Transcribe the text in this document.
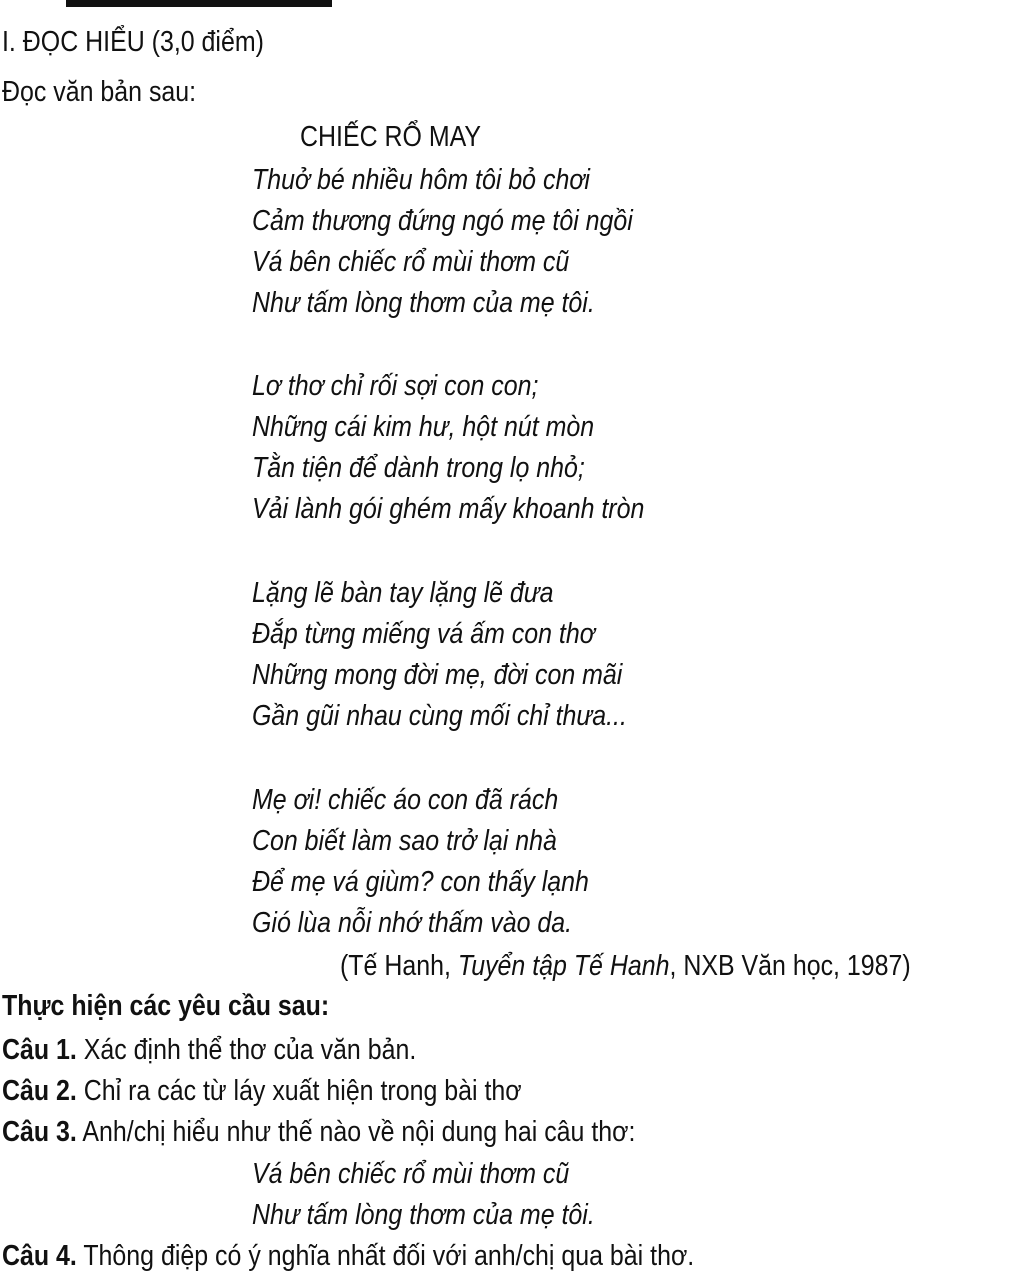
I. ĐỌC HIỂU (3,0 điểm)
Đọc văn bản sau:
CHIẾC RỔ MAY
Thuở bé nhiều hôm tôi bỏ chơi
Cảm thương đứng ngó mẹ tôi ngồi
Vá bên chiếc rổ mùi thơm cũ
Như tấm lòng thơm của mẹ tôi.
Lơ thơ chỉ rối sợi con con;
Những cái kim hư, hột nút mòn
Tằn tiện để dành trong lọ nhỏ;
Vải lành gói ghém mấy khoanh tròn
Lặng lẽ bàn tay lặng lẽ đưa
Đắp từng miếng vá ấm con thơ
Những mong đời mẹ, đời con mãi
Gần gũi nhau cùng mối chỉ thưa...
Mẹ ơi! chiếc áo con đã rách
Con biết làm sao trở lại nhà
Để mẹ vá giùm? con thấy lạnh
Gió lùa nỗi nhớ thấm vào da.
(Tế Hanh, Tuyển tập Tế Hanh, NXB Văn học, 1987)
Thực hiện các yêu cầu sau:
Câu 1. Xác định thể thơ của văn bản.
Câu 2. Chỉ ra các từ láy xuất hiện trong bài thơ
Câu 3. Anh/chị hiểu như thế nào về nội dung hai câu thơ:
Vá bên chiếc rổ mùi thơm cũ
Như tấm lòng thơm của mẹ tôi.
Câu 4. Thông điệp có ý nghĩa nhất đối với anh/chị qua bài thơ.
